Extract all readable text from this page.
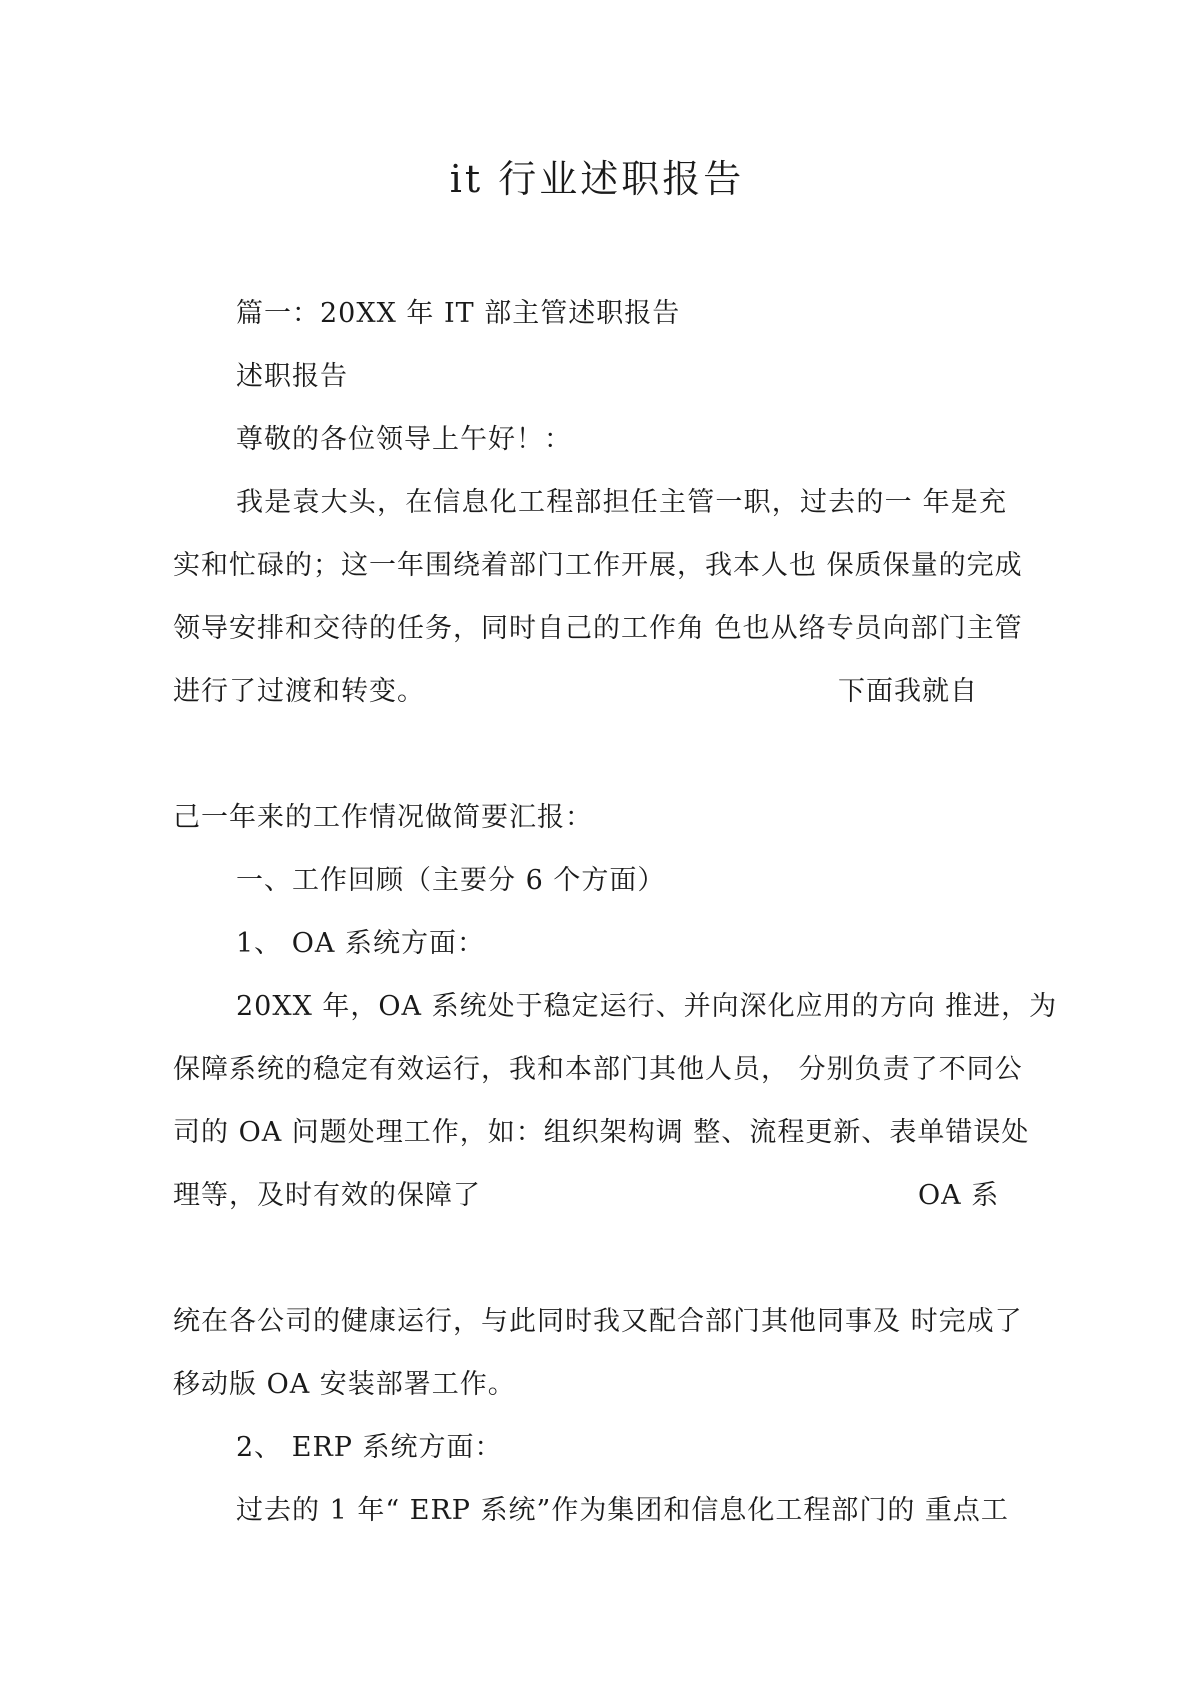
it 行业述职报告

篇一：20XX 年 IT 部主管述职报告

述职报告

尊敬的各位领导上午好！：

我是袁大头，在信息化工程部担任主管一职，过去的一 年是充

实和忙碌的；这一年围绕着部门工作开展，我本人也 保质保量的完成

领导安排和交待的任务，同时自己的工作角 色也从络专员向部门主管

进行了过渡和转变。	下面我就自

己一年来的工作情况做简要汇报：

一、工作回顾（主要分 6 个方面）

1、 OA 系统方面：

20XX 年，OA 系统处于稳定运行、并向深化应用的方向 推进，为

保障系统的稳定有效运行，我和本部门其他人员， 分别负责了不同公

司的 OA 问题处理工作，如：组织架构调 整、流程更新、表单错误处

理等，及时有效的保障了	OA 系

统在各公司的健康运行，与此同时我又配合部门其他同事及 时完成了

移动版 OA 安装部署工作。

2、 ERP 系统方面：

过去的 1 年“ ERP 系统”作为集团和信息化工程部门的 重点工
